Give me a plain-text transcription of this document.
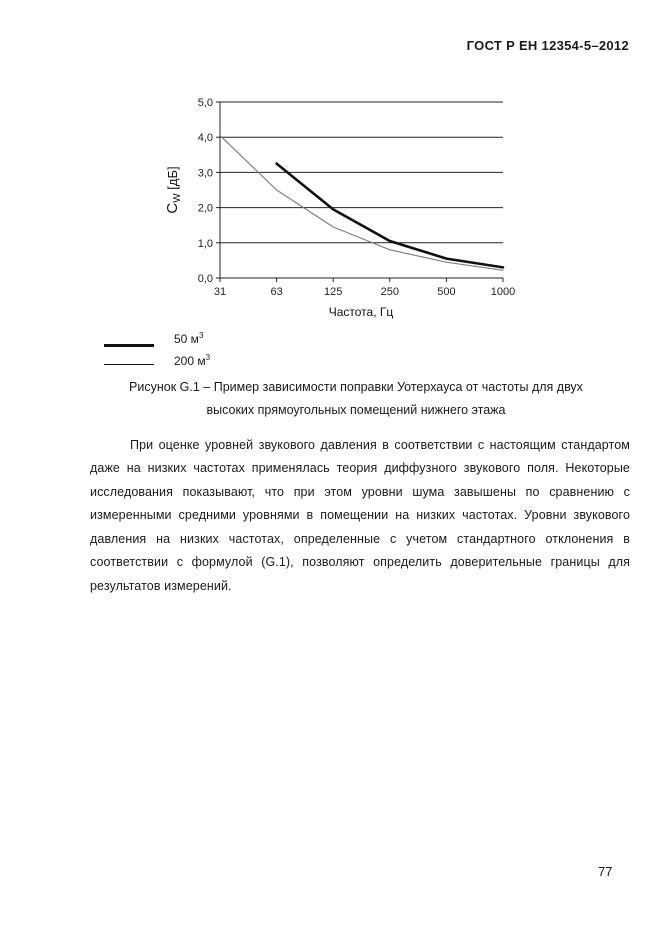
ГОСТ Р ЕН 12354-5–2012
0,0
1,0
2,0
3,0
4,0
5,0
31	63	125	250	500	1000
$C_W$ [дБ]
Частота, Гц
50 $м^3$
200 $м^3$
Рисунок G.1 – Пример зависимости поправки Уотерхауса от частоты для двух
высоких прямоугольных помещений нижнего этажа

При оценке уровней звукового давления в соответствии с настоящим стандартом даже на низких частотах применялась теория диффузного звукового поля. Некоторые исследования показывают, что при этом уровни шума завышены по сравнению с измеренными средними уровнями в помещении на низких частотах. Уровни звукового давления на низких частотах, определенные с учетом стандартного отклонения в соответствии с формулой (G.1), позволяют определить доверительные границы для результатов измерений.

77
